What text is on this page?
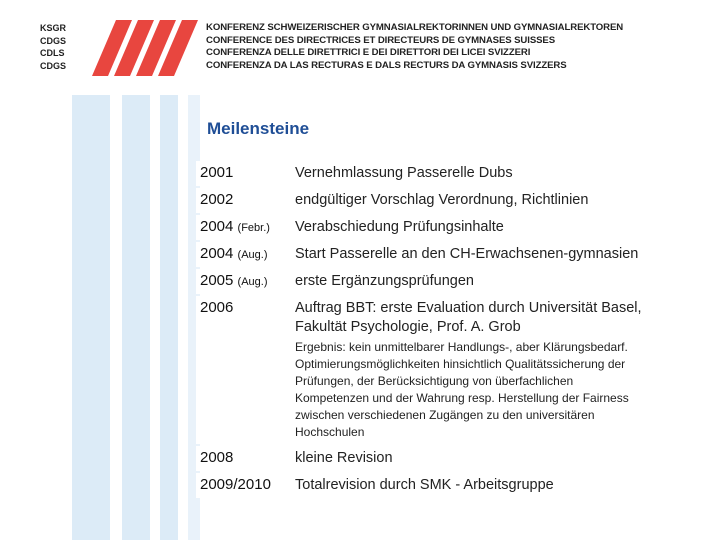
KSGR
CDGS
CDLS
CDGS
KONFERENZ SCHWEIZERISCHER GYMNASIALREKTORINNEN UND GYMNASIALREKTOREN
CONFERENCE DES DIRECTRICES ET DIRECTEURS DE GYMNASES SUISSES
CONFERENZA DELLE DIRETTRICI E DEI DIRETTORI DEI LICEI SVIZZERI
CONFERENZA DA LAS RECTURAS E DALS RECTURS DA GYMNASIS SVIZZERS
Meilensteine
2001	Vernehmlassung Passerelle Dubs
2002	endgültiger Vorschlag Verordnung, Richtlinien
2004 (Febr.)	Verabschiedung Prüfungsinhalte
2004 (Aug.)	Start Passerelle an den CH-Erwachsenen-gymnasien
2005 (Aug.)	erste Ergänzungsprüfungen
2006	Auftrag BBT: erste Evaluation durch Universität Basel, Fakultät Psychologie, Prof. A. Grob
Ergebnis: kein unmittelbarer Handlungs-, aber Klärungsbedarf. Optimierungsmöglichkeiten hinsichtlich Qualitätssicherung der Prüfungen, der Berücksichtigung von überfachlichen Kompetenzen und der Wahrung resp. Herstellung der Fairness zwischen verschiedenen Zugängen zu den universitären Hochschulen

2008	kleine Revision
2009/2010	Totalrevision durch SMK - Arbeitsgruppe
